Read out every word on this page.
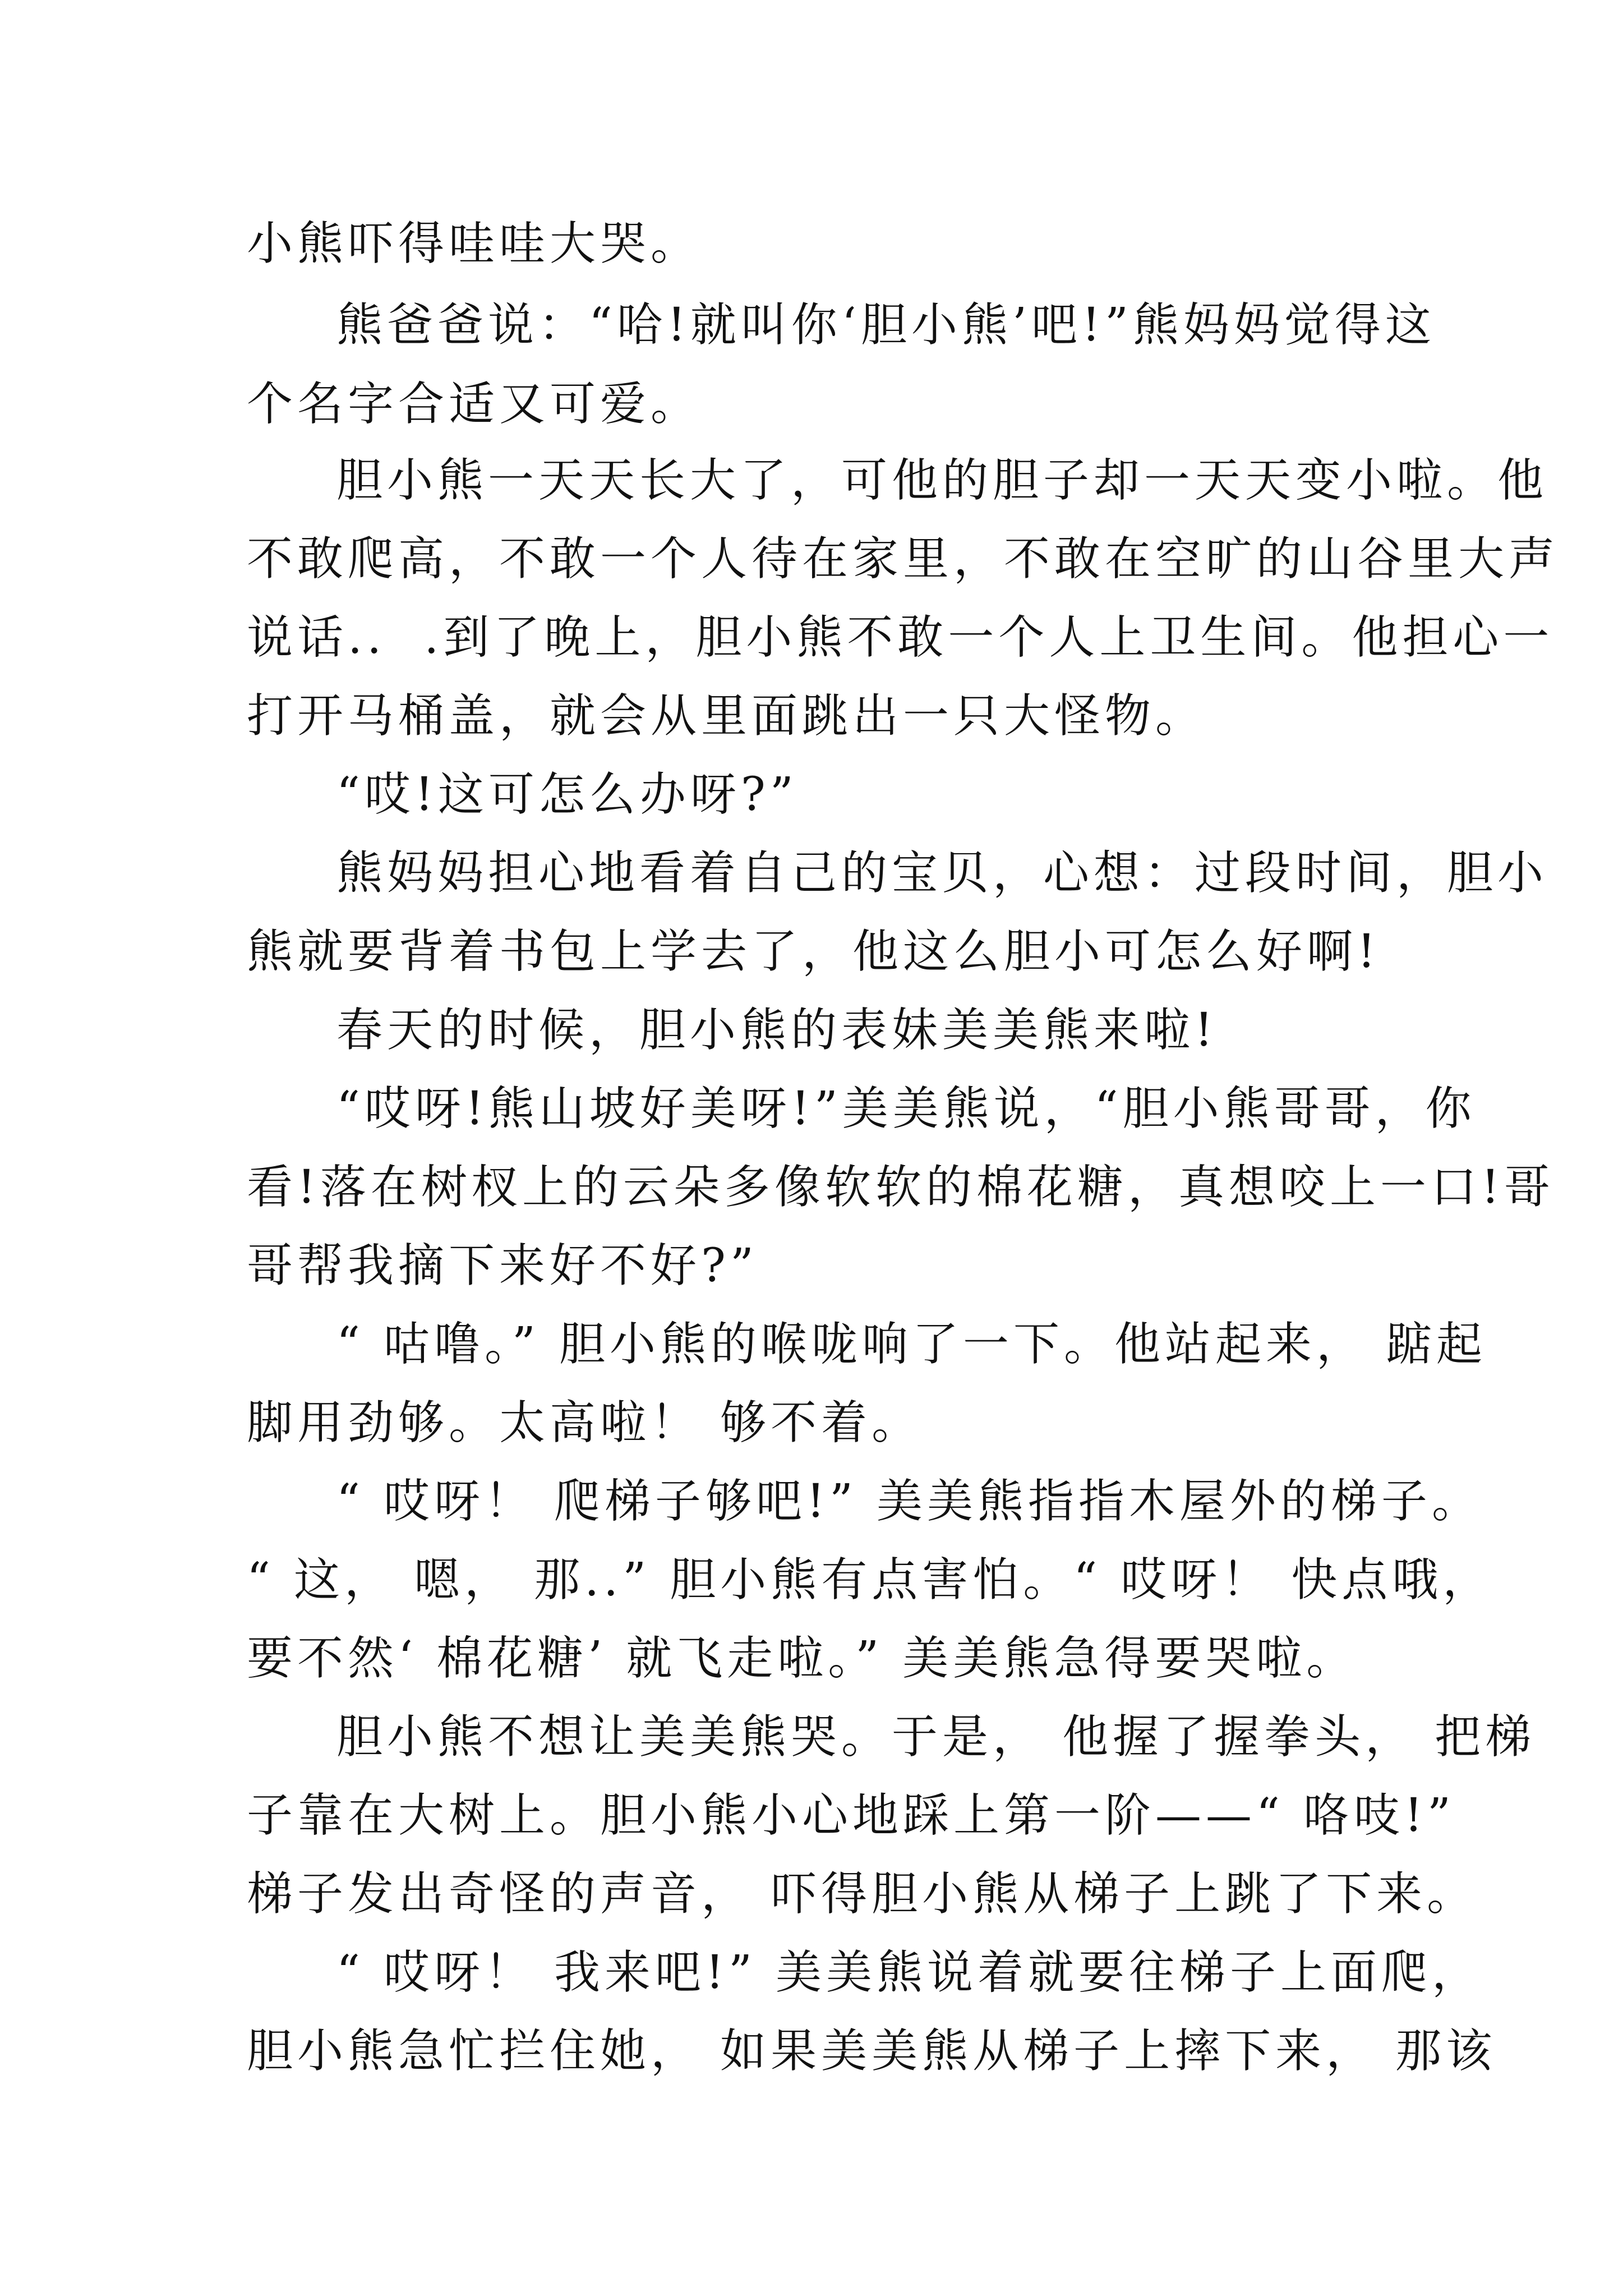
小熊吓得哇哇大哭。
熊爸爸说：“哈!就叫你‘胆小熊’吧!”熊妈妈觉得这
个名字合适又可爱。
胆小熊一天天长大了，可他的胆子却一天天变小啦。他
不敢爬高，不敢一个人待在家里，不敢在空旷的山谷里大声
说话..  .到了晚上，胆小熊不敢一个人上卫生间。他担心一
打开马桶盖，就会从里面跳出一只大怪物。
“哎!这可怎么办呀?”
熊妈妈担心地看着自己的宝贝，心想：过段时间，胆小
熊就要背着书包上学去了，他这么胆小可怎么好啊!
春天的时候，胆小熊的表妹美美熊来啦!
“哎呀!熊山坡好美呀!”美美熊说，“胆小熊哥哥，你
看!落在树杈上的云朵多像软软的棉花糖，真想咬上一口!哥
哥帮我摘下来好不好?”
“ 咕噜。” 胆小熊的喉咙响了一下。他站起来， 踮起
脚用劲够。太高啦！ 够不着。
“ 哎呀！ 爬梯子够吧!” 美美熊指指木屋外的梯子。
“ 这， 嗯， 那..” 胆小熊有点害怕。“ 哎呀！ 快点哦，
要不然‘ 棉花糖’ 就飞走啦。” 美美熊急得要哭啦。
胆小熊不想让美美熊哭。于是， 他握了握拳头， 把梯
子靠在大树上。胆小熊小心地踩上第一阶——“ 咯吱!”
梯子发出奇怪的声音， 吓得胆小熊从梯子上跳了下来。
“ 哎呀！ 我来吧!” 美美熊说着就要往梯子上面爬，
胆小熊急忙拦住她， 如果美美熊从梯子上摔下来， 那该
